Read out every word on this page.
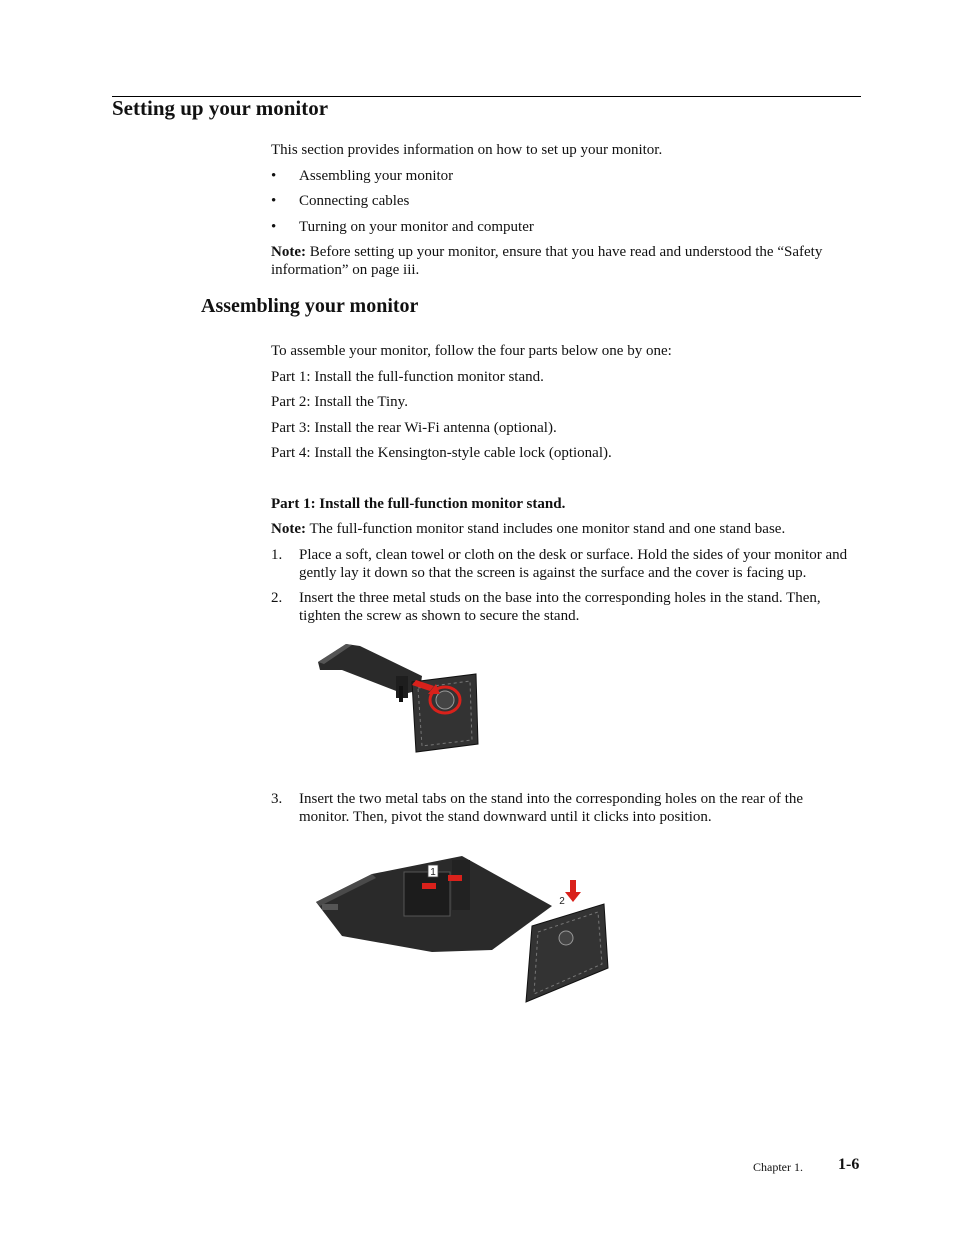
Setting up your monitor

This section provides information on how to set up your monitor.

• Assembling your monitor
• Connecting cables
• Turning on your monitor and computer

Note: Before setting up your monitor, ensure that you have read and understood the “Safety information” on page iii.

Assembling your monitor

To assemble your monitor, follow the four parts below one by one:

Part 1: Install the full-function monitor stand.

Part 2: Install the Tiny.

Part 3: Install the rear Wi-Fi antenna (optional).

Part 4: Install the Kensington-style cable lock (optional).

Part 1: Install the full-function monitor stand.

Note: The full-function monitor stand includes one monitor stand and one stand base.

1. Place a soft, clean towel or cloth on the desk or surface. Hold the sides of your monitor and gently lay it down so that the screen is against the surface and the cover is facing up.
2. Insert the three metal studs on the base into the corresponding holes in the stand. Then, tighten the screw as shown to secure the stand.
3. Insert the two metal tabs on the stand into the corresponding holes on the rear of the monitor. Then, pivot the stand downward until it clicks into position.
1
2
Chapter 1. 1-6
